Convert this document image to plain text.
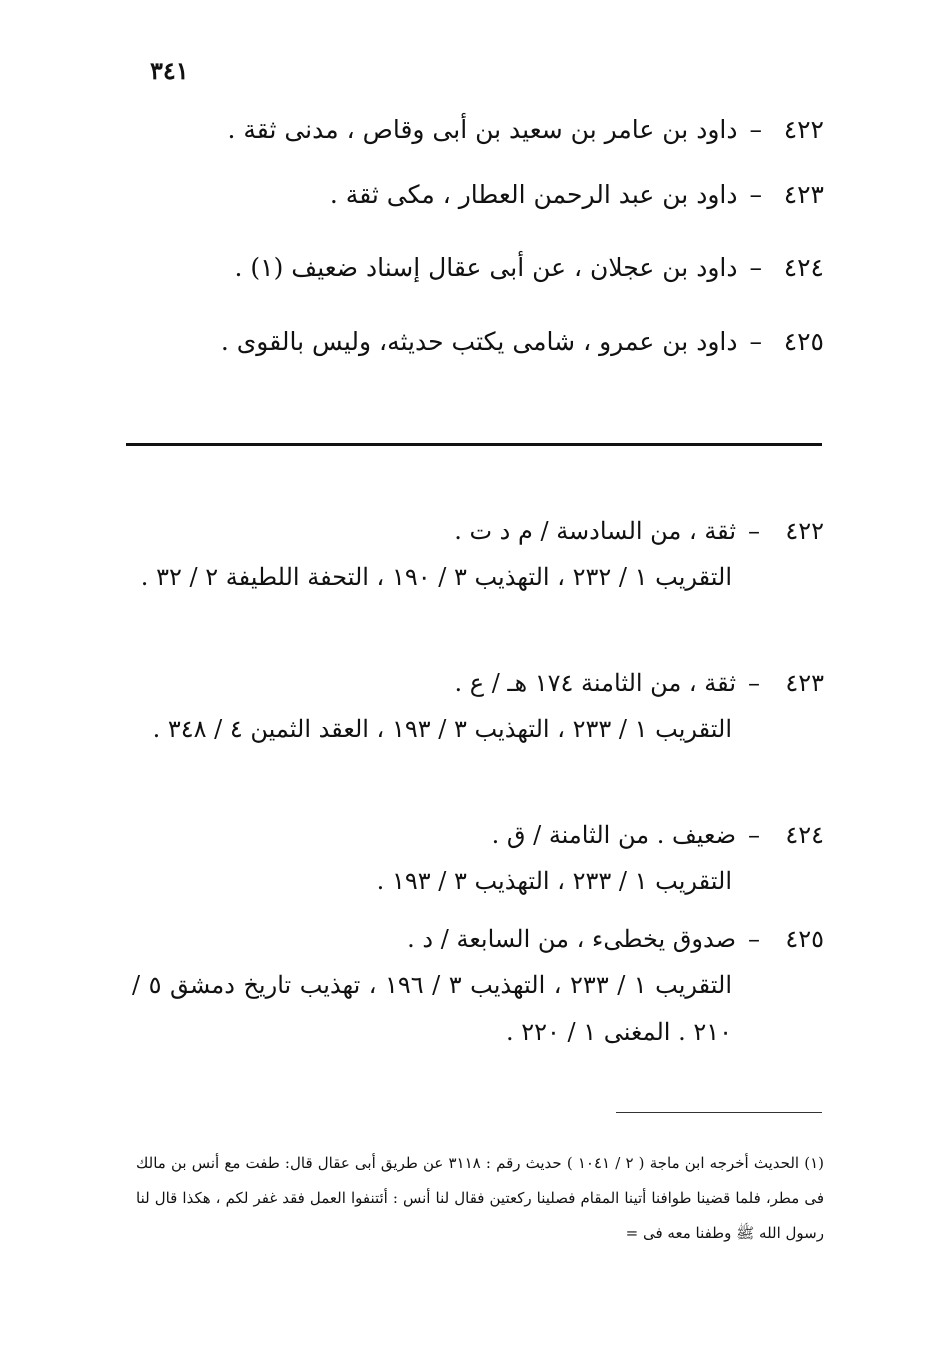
٣٤١
٤٢٢–داود بن عامر بن سعيد بن أبى وقاص ، مدنى ثقة .
٤٢٣–داود بن عبد الرحمن العطار ، مكى ثقة .
٤٢٤–داود بن عجلان ، عن أبى عقال إسناد ضعيف (١) .
٤٢٥–داود بن عمرو ، شامى يكتب حديثه، وليس بالقوى .
٤٢٢–ثقة ، من السادسة / م د ت .
التقريب ١ / ٢٣٢ ، التهذيب ٣ / ١٩٠ ، التحفة اللطيفة ٢ / ٣٢ .
٤٢٣–ثقة ، من الثامنة ١٧٤ هـ / ع .
التقريب ١ / ٢٣٣ ، التهذيب ٣ / ١٩٣ ، العقد الثمين ٤ / ٣٤٨ .
٤٢٤–ضعيف . من الثامنة / ق .
التقريب ١ / ٢٣٣ ، التهذيب ٣ / ١٩٣ .
٤٢٥–صدوق يخطىء ، من السابعة / د .
التقريب ١ / ٢٣٣ ، التهذيب ٣ / ١٩٦ ، تهذيب تاريخ دمشق ٥ / ٢١٠ . المغنى ١ / ٢٢٠ .
(١) الحديث أخرجه ابن ماجة ( ٢ / ١٠٤١ ) حديث رقم : ٣١١٨ عن طريق أبى عقال قال: طفت مع أنس بن مالك فى مطر، فلما قضينا طوافنا أتينا المقام فصلينا ركعتين فقال لنا أنس : أئتنفوا العمل فقد غفر لكم ، هكذا قال لنا رسول الله ﷺ وطفنا معه فى =
